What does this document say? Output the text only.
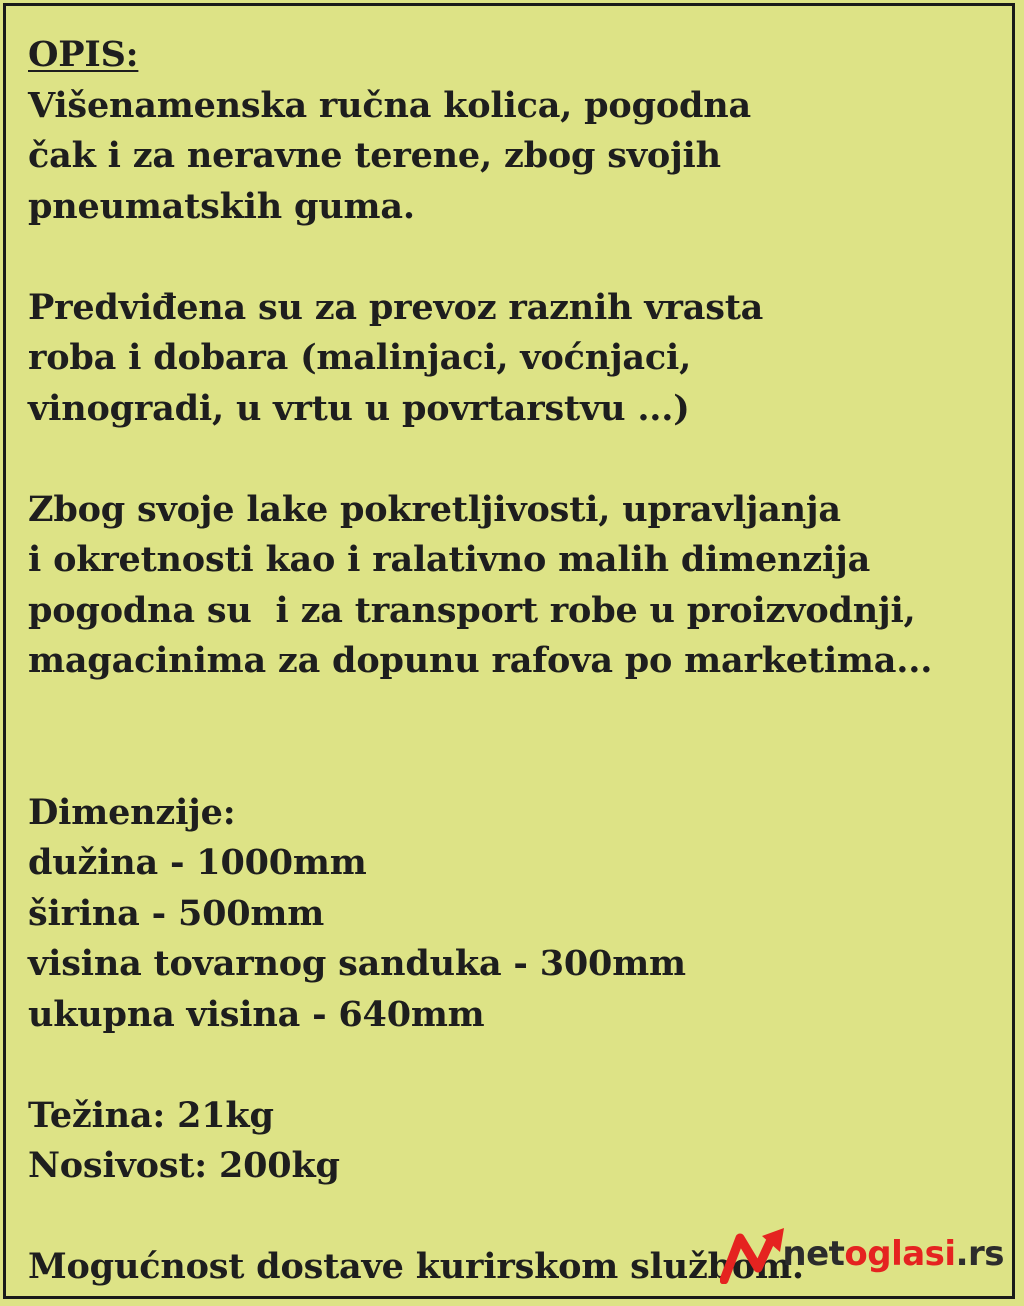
OPIS:
Višenamenska ručna kolica, pogodna
čak i za neravne terene, zbog svojih
pneumatskih guma.
Predviđena su za prevoz raznih vrasta
roba i dobara (malinjaci, voćnjaci,
vinogradi, u vrtu u povrtarstvu ...)
Zbog svoje lake pokretljivosti, upravljanja
i okretnosti kao i ralativno malih dimenzija
pogodna su  i za transport robe u proizvodnji,
magacinima za dopunu rafova po marketima...
Dimenzije:
dužina - 1000mm
širina - 500mm
visina tovarnog sanduka - 300mm
ukupna visina - 640mm
Težina: 21kg
Nosivost: 200kg
Mogućnost dostave kurirskom službom.
netoglasi.rs
